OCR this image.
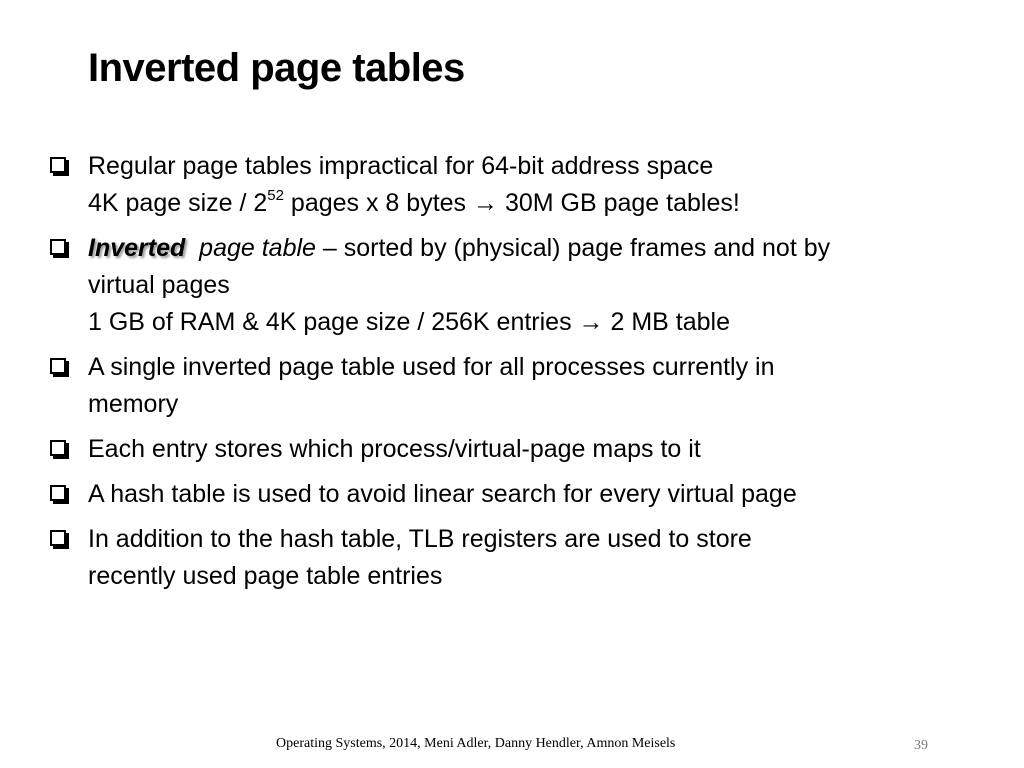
Inverted page tables
Regular page tables impractical for 64-bit address space
4K page size / $2^{52}$ pages x 8 bytes → 30M GB page tables!
Inverted page table – sorted by (physical) page frames and not by
virtual pages
1 GB of RAM & 4K page size / 256K entries → 2 MB table
A single inverted page table used for all processes currently in
memory
Each entry stores which process/virtual-page maps to it
A hash table is used to avoid linear search for every virtual page
In addition to the hash table, TLB registers are used to store
recently used page table entries
Operating Systems, 2014, Meni Adler, Danny Hendler, Amnon Meisels	39
